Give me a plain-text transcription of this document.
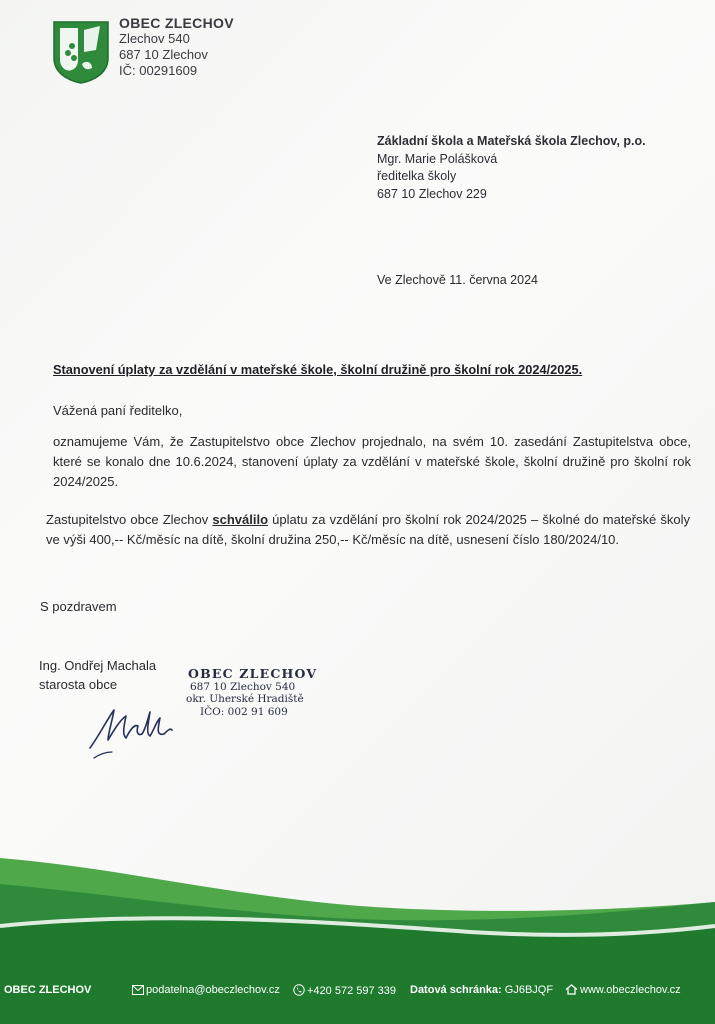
OBEC ZLECHOV
Zlechov 540
687 10 Zlechov
IČ: 00291609
Základní škola a Mateřská škola Zlechov, p.o.
Mgr. Marie Polášková
ředitelka školy
687 10 Zlechov 229
Ve Zlechově 11. června 2024
Stanovení úplaty za vzdělání v mateřské škole, školní družině pro školní rok 2024/2025.
Vážená paní ředitelko,
oznamujeme Vám, že Zastupitelstvo obce Zlechov projednalo, na svém 10. zasedání Zastupitelstva obce, které se konalo dne 10.6.2024, stanovení úplaty za vzdělání v mateřské škole, školní družině pro školní rok 2024/2025.
Zastupitelstvo obce Zlechov schválilo úplatu za vzdělání pro školní rok 2024/2025 – školné do mateřské školy ve výši 400,-- Kč/měsíc na dítě, školní družina 250,-- Kč/měsíc na dítě, usnesení číslo 180/2024/10.
S pozdravem
Ing. Ondřej Machala
starosta obce
OBEC ZLECHOV
687 10 Zlechov 540
okr. Uherské Hradiště
IČO: 002 91 609
OBEC ZLECHOV	podatelna@obeczlechov.cz	+420 572 597 339 Datová schránka: GJ6BJQF	www.obeczlechov.cz
